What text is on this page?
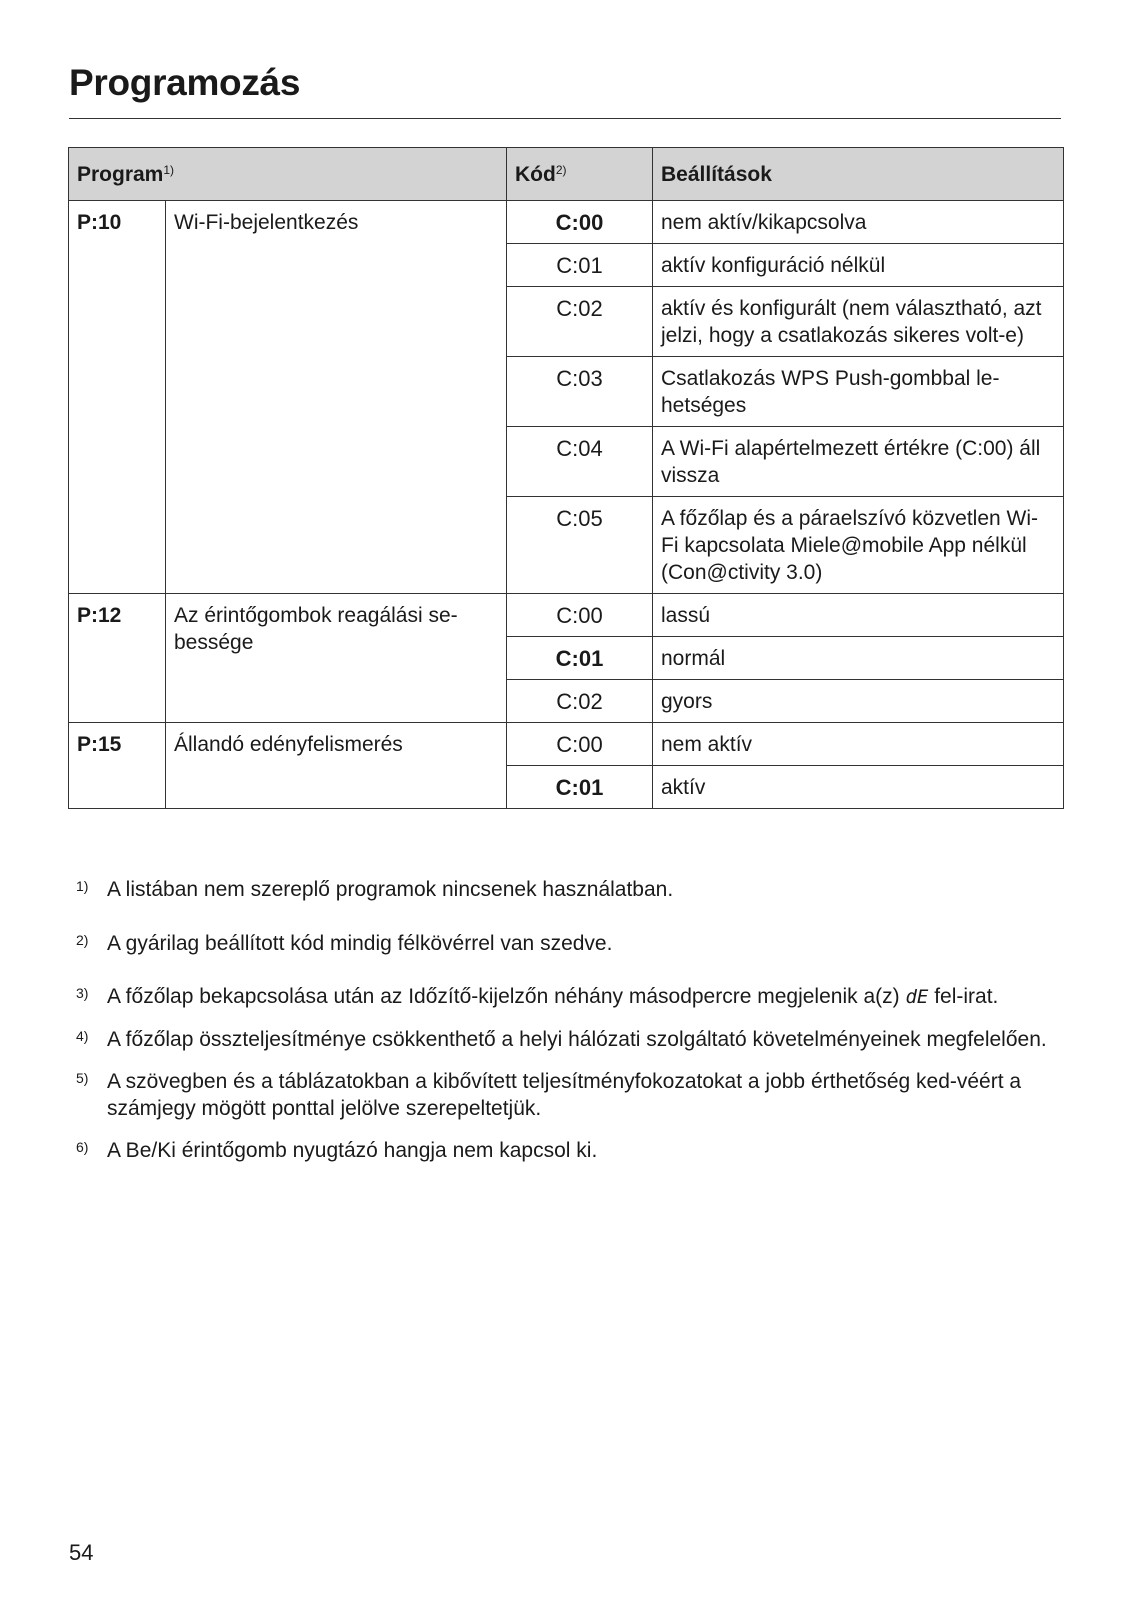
Programozás
Program$^{1)}$		Kód$^{2)}$	Beállítások
P:10	Wi-Fi-bejelentkezés	C:00	nem aktív/kikapcsolva
		C:01	aktív konfiguráció nélkül
		C:02	aktív és konfigurált (nem választható, azt jelzi, hogy a csatlakozás sikeres volt-e)
		C:03	Csatlakozás WPS Push-gombbal le-hetséges
		C:04	A Wi-Fi alapértelmezett értékre (C:00) áll vissza
		C:05	A főzőlap és a páraelszívó közvetlen Wi-Fi kapcsolata Miele@mobile App nélkül (Con@ctivity 3.0)
P:12	Az érintőgombok reagálási se-bessége	C:00	lassú
		C:01	normál
		C:02	gyors
P:15	Állandó edényfelismerés	C:00	nem aktív
		C:01	aktív
1) A listában nem szereplő programok nincsenek használatban.
2) A gyárilag beállított kód mindig félkövérrel van szedve.
3) A főzőlap bekapcsolása után az Időzítő-kijelzőn néhány másodpercre megjelenik a(z) dE fel-irat.
4) A főzőlap összteljesítménye csökkenthető a helyi hálózati szolgáltató követelményeinek megfelelően.
5) A szövegben és a táblázatokban a kibővített teljesítményfokozatokat a jobb érthetőség ked-véért a számjegy mögött ponttal jelölve szerepeltetjük.
6) A Be/Ki érintőgomb nyugtázó hangja nem kapcsol ki.
54
